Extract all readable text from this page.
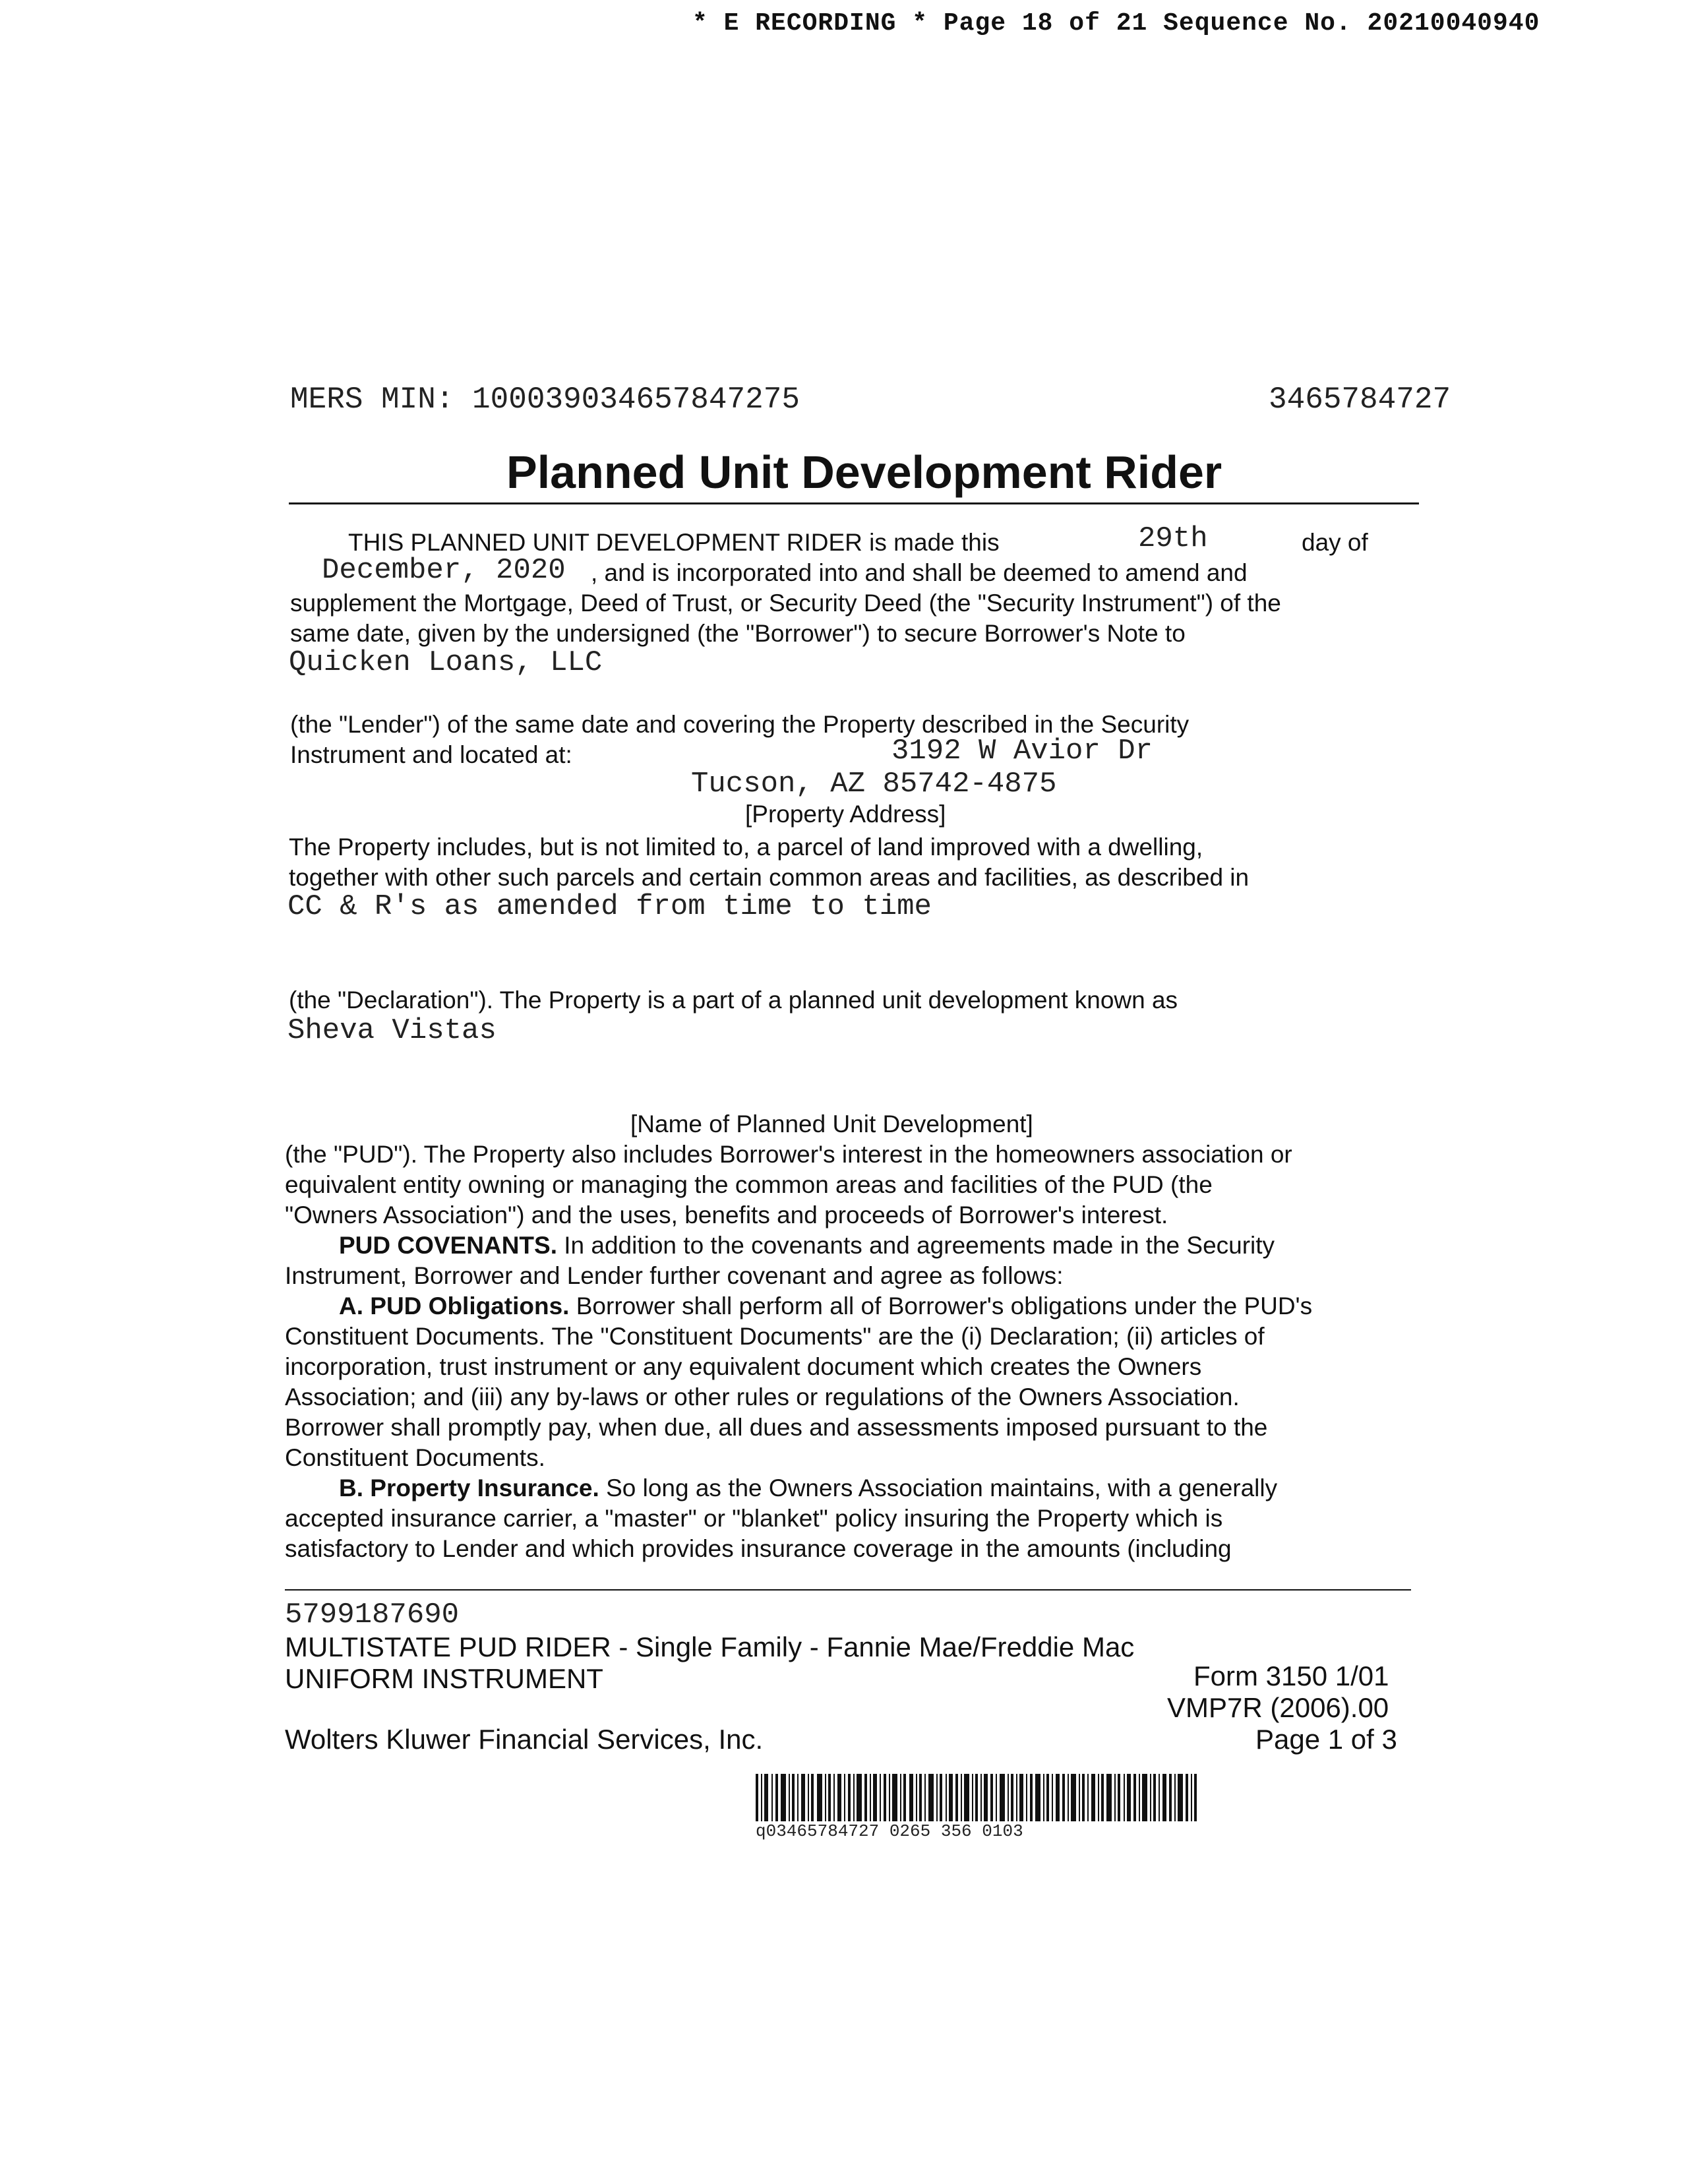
* E RECORDING * Page 18 of 21 Sequence No. 20210040940
MERS MIN: 100039034657847275	3465784727
Planned Unit Development Rider
THIS PLANNED UNIT DEVELOPMENT RIDER is made this	29th	day of
December, 2020 , and is incorporated into and shall be deemed to amend and
supplement the Mortgage, Deed of Trust, or Security Deed (the "Security Instrument") of the
same date, given by the undersigned (the "Borrower") to secure Borrower's Note to
Quicken Loans, LLC
(the "Lender") of the same date and covering the Property described in the Security
Instrument and located at:	3192 W Avior Dr
Tucson, AZ 85742-4875
[Property Address]
The Property includes, but is not limited to, a parcel of land improved with a dwelling,
together with other such parcels and certain common areas and facilities, as described in
CC & R's as amended from time to time
(the "Declaration"). The Property is a part of a planned unit development known as
Sheva Vistas
[Name of Planned Unit Development]
(the "PUD"). The Property also includes Borrower's interest in the homeowners association or
equivalent entity owning or managing the common areas and facilities of the PUD (the
"Owners Association") and the uses, benefits and proceeds of Borrower's interest.
PUD COVENANTS. In addition to the covenants and agreements made in the Security
Instrument, Borrower and Lender further covenant and agree as follows:
A. PUD Obligations. Borrower shall perform all of Borrower's obligations under the PUD's
Constituent Documents. The "Constituent Documents" are the (i) Declaration; (ii) articles of
incorporation, trust instrument or any equivalent document which creates the Owners
Association; and (iii) any by-laws or other rules or regulations of the Owners Association.
Borrower shall promptly pay, when due, all dues and assessments imposed pursuant to the
Constituent Documents.
B. Property Insurance. So long as the Owners Association maintains, with a generally
accepted insurance carrier, a "master" or "blanket" policy insuring the Property which is
satisfactory to Lender and which provides insurance coverage in the amounts (including
5799187690
MULTISTATE PUD RIDER - Single Family - Fannie Mae/Freddie Mac
UNIFORM INSTRUMENT	Form 3150 1/01
VMP7R (2006).00
Wolters Kluwer Financial Services, Inc.	Page 1 of 3
q03465784727 0265 356 0103
